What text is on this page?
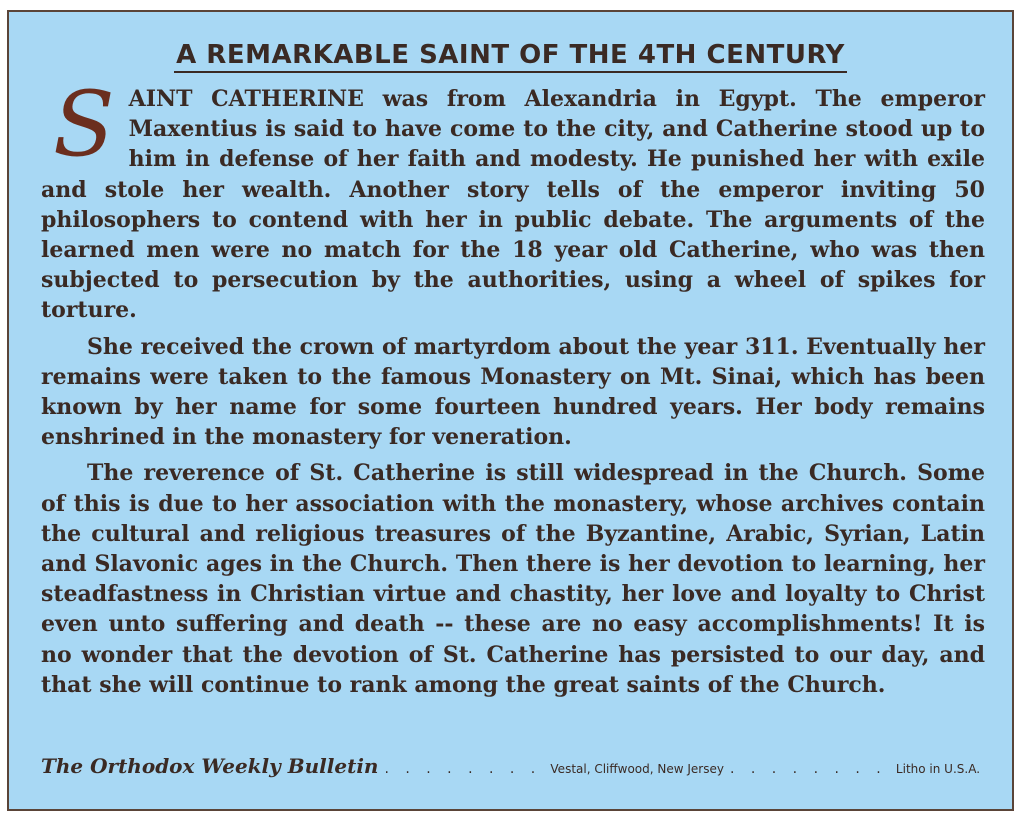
A REMARKABLE SAINT OF THE 4TH CENTURY

SAINT CATHERINE was from Alexandria in Egypt. The emperor Maxentius is said to have come to the city, and Catherine stood up to him in defense of her faith and modesty. He punished her with exile and stole her wealth. Another story tells of the emperor inviting 50 philosophers to contend with her in public debate. The arguments of the learned men were no match for the 18 year old Catherine, who was then subjected to persecution by the authorities, using a wheel of spikes for torture.

She received the crown of martyrdom about the year 311. Eventually her remains were taken to the famous Monastery on Mt. Sinai, which has been known by her name for some fourteen hundred years. Her body remains enshrined in the monastery for veneration.

The reverence of St. Catherine is still widespread in the Church. Some of this is due to her association with the monastery, whose archives contain the cultural and religious treasures of the Byzantine, Arabic, Syrian, Latin and Slavonic ages in the Church. Then there is her devotion to learning, her steadfastness in Christian virtue and chastity, her love and loyalty to Christ even unto suffering and death -- these are no easy accomplishments! It is no wonder that the devotion of St. Catherine has persisted to our day, and that she will continue to rank among the great saints of the Church.

The Orthodox Weekly Bulletin . . .	Vestal, Cliffwood, New Jersey . . .	Litho in U.S.A.
